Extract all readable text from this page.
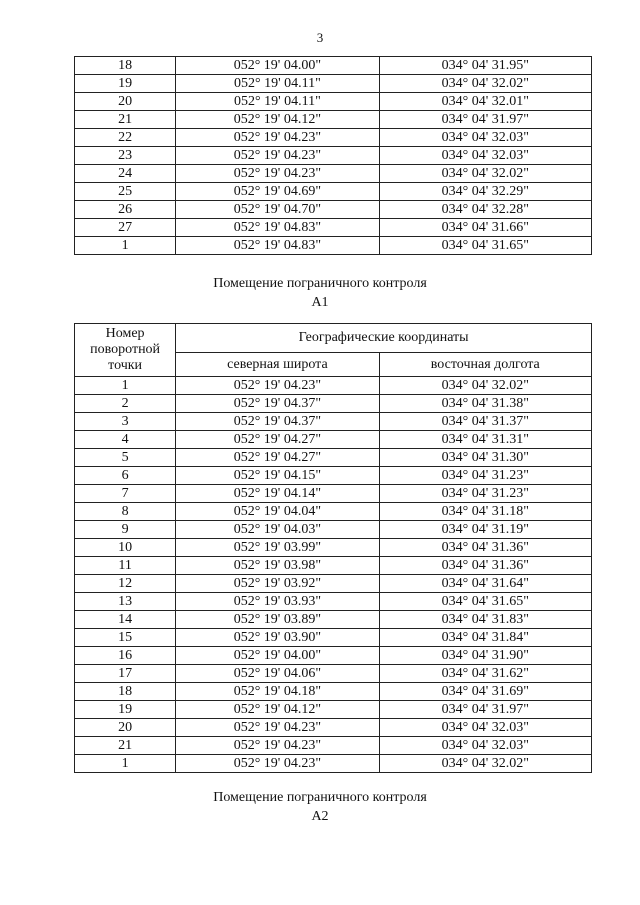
3
18	052° 19' 04.00"	034° 04' 31.95"
19	052° 19' 04.11"	034° 04' 32.02"
20	052° 19' 04.11"	034° 04' 32.01"
21	052° 19' 04.12"	034° 04' 31.97"
22	052° 19' 04.23"	034° 04' 32.03"
23	052° 19' 04.23"	034° 04' 32.03"
24	052° 19' 04.23"	034° 04' 32.02"
25	052° 19' 04.69"	034° 04' 32.29"
26	052° 19' 04.70"	034° 04' 32.28"
27	052° 19' 04.83"	034° 04' 31.66"
1	052° 19' 04.83"	034° 04' 31.65"
Помещение пограничного контроля
А1
Номер поворотной точки	Географические координаты	
	северная широта	восточная долгота
1	052° 19' 04.23"	034° 04' 32.02"
2	052° 19' 04.37"	034° 04' 31.38"
3	052° 19' 04.37"	034° 04' 31.37"
4	052° 19' 04.27"	034° 04' 31.31"
5	052° 19' 04.27"	034° 04' 31.30"
6	052° 19' 04.15"	034° 04' 31.23"
7	052° 19' 04.14"	034° 04' 31.23"
8	052° 19' 04.04"	034° 04' 31.18"
9	052° 19' 04.03"	034° 04' 31.19"
10	052° 19' 03.99"	034° 04' 31.36"
11	052° 19' 03.98"	034° 04' 31.36"
12	052° 19' 03.92"	034° 04' 31.64"
13	052° 19' 03.93"	034° 04' 31.65"
14	052° 19' 03.89"	034° 04' 31.83"
15	052° 19' 03.90"	034° 04' 31.84"
16	052° 19' 04.00"	034° 04' 31.90"
17	052° 19' 04.06"	034° 04' 31.62"
18	052° 19' 04.18"	034° 04' 31.69"
19	052° 19' 04.12"	034° 04' 31.97"
20	052° 19' 04.23"	034° 04' 32.03"
21	052° 19' 04.23"	034° 04' 32.03"
1	052° 19' 04.23"	034° 04' 32.02"
Помещение пограничного контроля
А2
